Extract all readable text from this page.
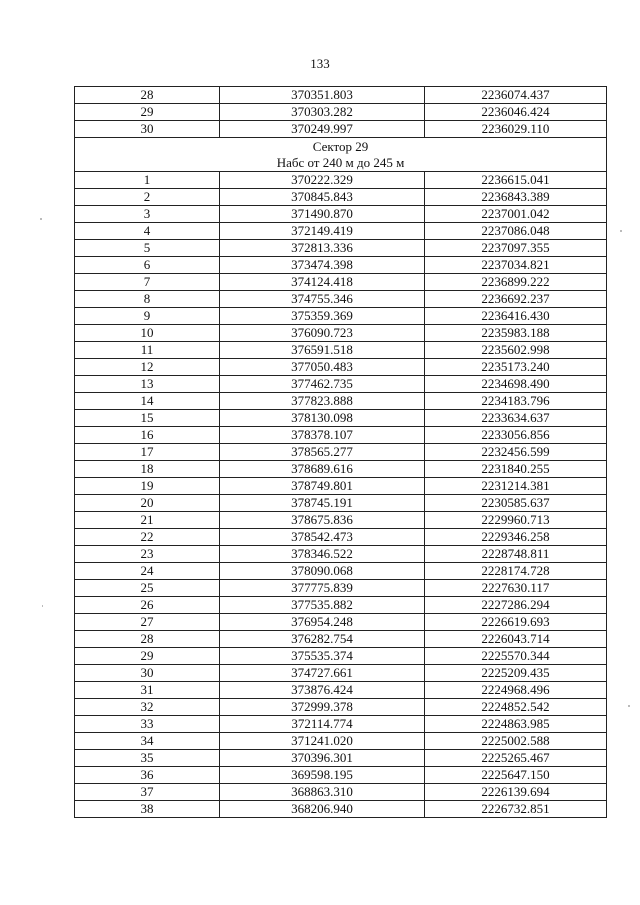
133
28	370351.803	2236074.437
29	370303.282	2236046.424
30	370249.997	2236029.110

Сектор 29
Набс от 240 м до 245 м		

1	370222.329	2236615.041
2	370845.843	2236843.389
3	371490.870	2237001.042
4	372149.419	2237086.048
5	372813.336	2237097.355
6	373474.398	2237034.821
7	374124.418	2236899.222
8	374755.346	2236692.237
9	375359.369	2236416.430
10	376090.723	2235983.188
11	376591.518	2235602.998
12	377050.483	2235173.240
13	377462.735	2234698.490
14	377823.888	2234183.796
15	378130.098	2233634.637
16	378378.107	2233056.856
17	378565.277	2232456.599
18	378689.616	2231840.255
19	378749.801	2231214.381
20	378745.191	2230585.637
21	378675.836	2229960.713
22	378542.473	2229346.258
23	378346.522	2228748.811
24	378090.068	2228174.728
25	377775.839	2227630.117
26	377535.882	2227286.294
27	376954.248	2226619.693
28	376282.754	2226043.714
29	375535.374	2225570.344
30	374727.661	2225209.435
31	373876.424	2224968.496
32	372999.378	2224852.542
33	372114.774	2224863.985
34	371241.020	2225002.588
35	370396.301	2225265.467
36	369598.195	2225647.150
37	368863.310	2226139.694
38	368206.940	2226732.851
